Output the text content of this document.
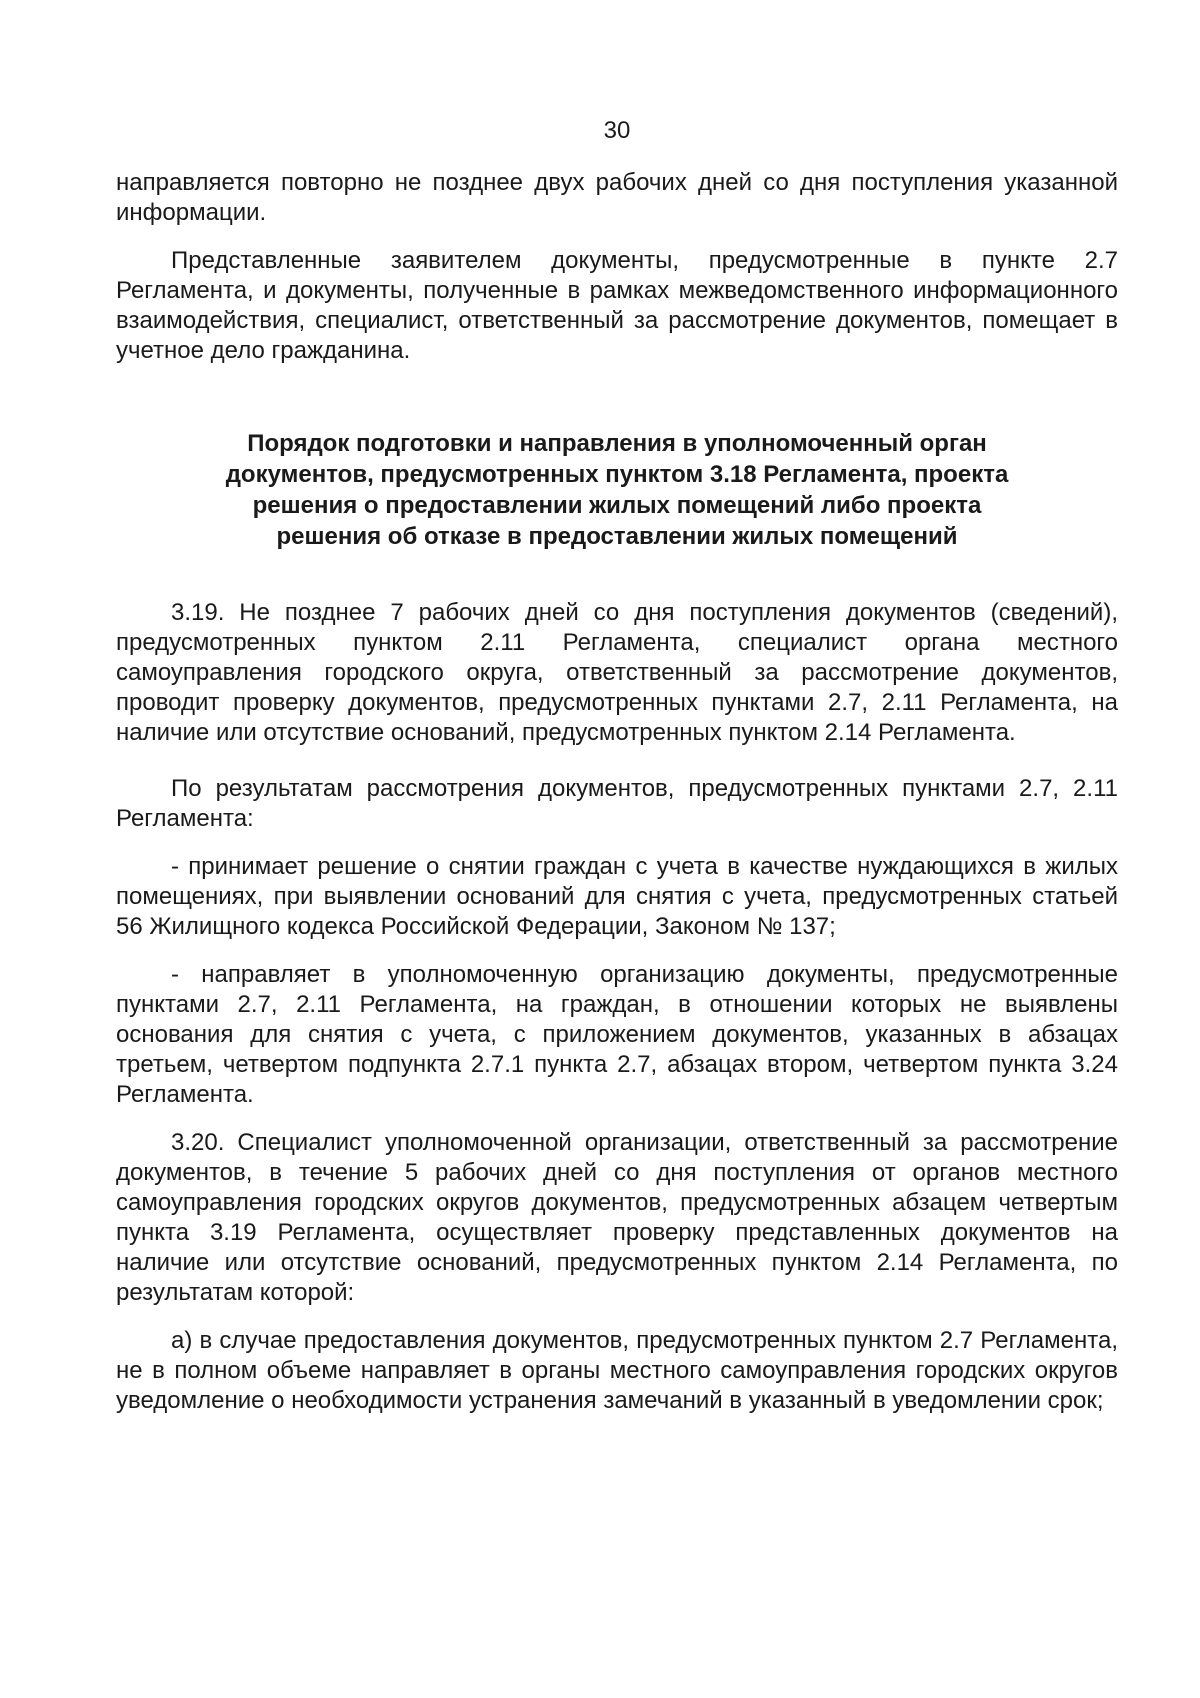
30

направляется повторно не позднее двух рабочих дней со дня поступления указанной информации.

Представленные заявителем документы, предусмотренные в пункте 2.7 Регламента, и документы, полученные в рамках межведомственного информационного взаимодействия, специалист, ответственный за рассмотрение документов, помещает в учетное дело гражданина.

Порядок подготовки и направления в уполномоченный орган
документов, предусмотренных пунктом 3.18 Регламента, проекта
решения о предоставлении жилых помещений либо проекта
решения об отказе в предоставлении жилых помещений

3.19. Не позднее 7 рабочих дней со дня поступления документов (сведений), предусмотренных пунктом 2.11 Регламента, специалист органа местного самоуправления городского округа, ответственный за рассмотрение документов, проводит проверку документов, предусмотренных пунктами 2.7, 2.11 Регламента, на наличие или отсутствие оснований, предусмотренных пунктом 2.14 Регламента.

По результатам рассмотрения документов, предусмотренных пунктами 2.7, 2.11 Регламента:

- принимает решение о снятии граждан с учета в качестве нуждающихся в жилых помещениях, при выявлении оснований для снятия с учета, предусмотренных статьей 56 Жилищного кодекса Российской Федерации, Законом № 137;

- направляет в уполномоченную организацию документы, предусмотренные пунктами 2.7, 2.11 Регламента, на граждан, в отношении которых не выявлены основания для снятия с учета, с приложением документов, указанных в абзацах третьем, четвертом подпункта 2.7.1 пункта 2.7, абзацах втором, четвертом пункта 3.24 Регламента.

3.20. Специалист уполномоченной организации, ответственный за рассмотрение документов, в течение 5 рабочих дней со дня поступления от органов местного самоуправления городских округов документов, предусмотренных абзацем четвертым пункта 3.19 Регламента, осуществляет проверку представленных документов на наличие или отсутствие оснований, предусмотренных пунктом 2.14 Регламента, по результатам которой:

а) в случае предоставления документов, предусмотренных пунктом 2.7 Регламента, не в полном объеме направляет в органы местного самоуправления городских округов уведомление о необходимости устранения замечаний в указанный в уведомлении срок;
